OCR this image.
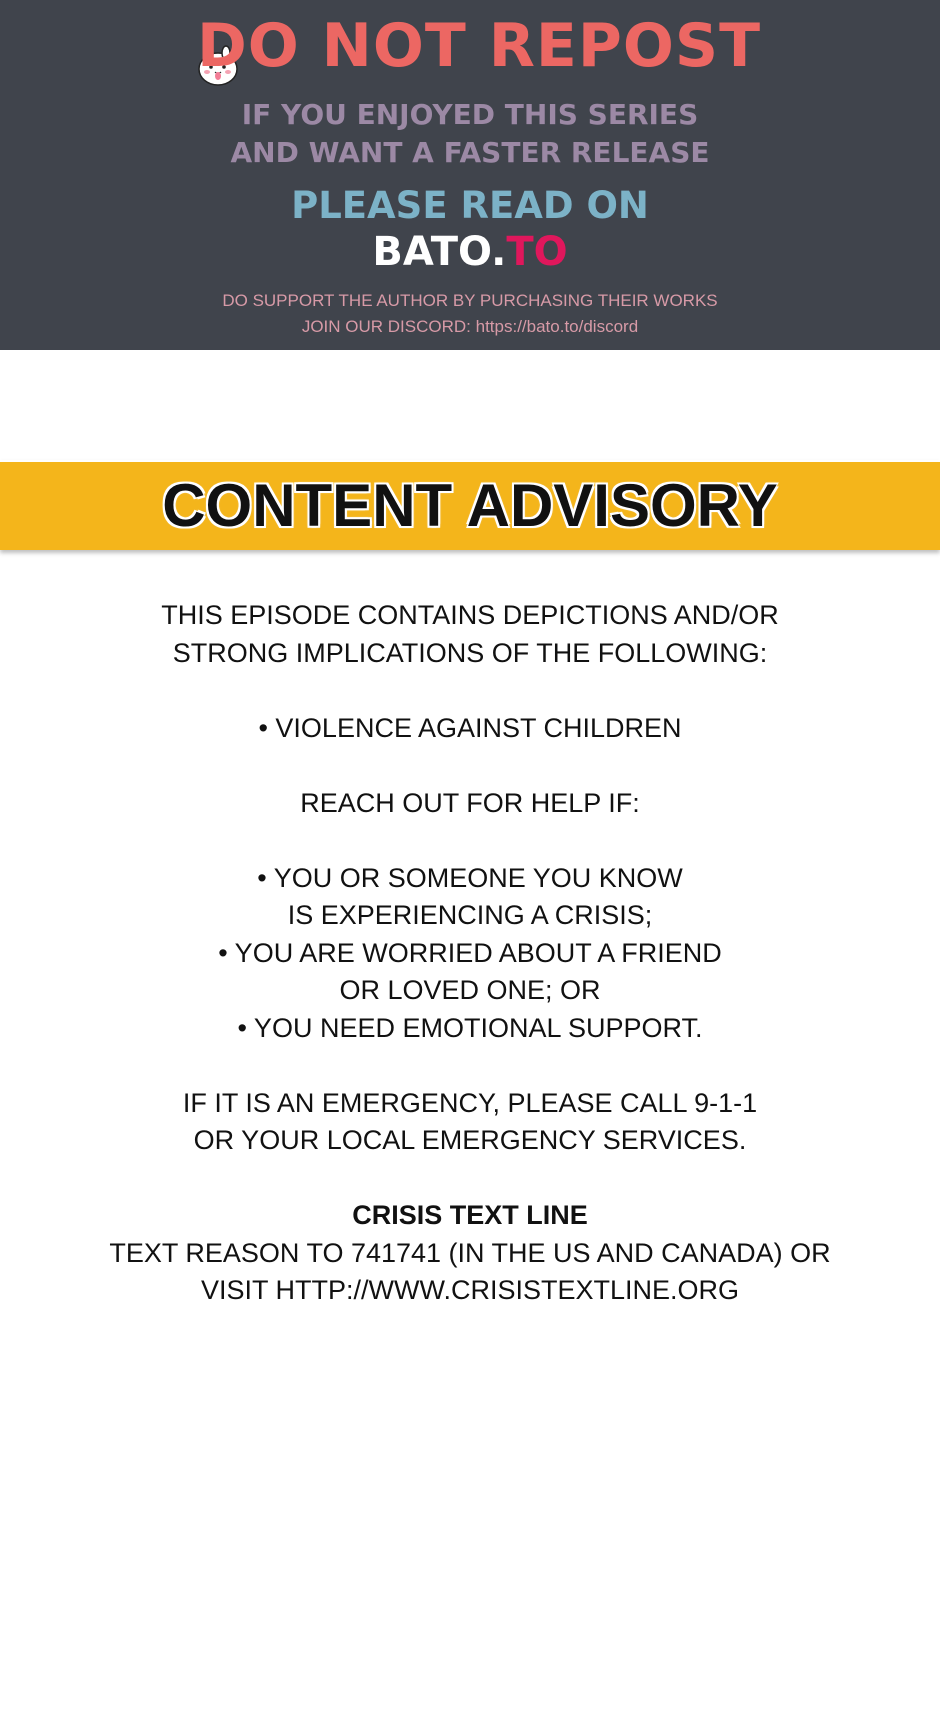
DO NOT REPOST
IF YOU ENJOYED THIS SERIES
AND WANT A FASTER RELEASE
PLEASE READ ON
BATO.TO
DO SUPPORT THE AUTHOR BY PURCHASING THEIR WORKS
JOIN OUR DISCORD: https://bato.to/discord
CONTENT ADVISORY

THIS EPISODE CONTAINS DEPICTIONS AND/OR

STRONG IMPLICATIONS OF THE FOLLOWING:

• VIOLENCE AGAINST CHILDREN

REACH OUT FOR HELP IF:

• YOU OR SOMEONE YOU KNOW

IS EXPERIENCING A CRISIS;

• YOU ARE WORRIED ABOUT A FRIEND

OR LOVED ONE; OR

• YOU NEED EMOTIONAL SUPPORT.

IF IT IS AN EMERGENCY, PLEASE CALL 9-1-1

OR YOUR LOCAL EMERGENCY SERVICES.

CRISIS TEXT LINE

TEXT REASON TO 741741 (IN THE US AND CANADA) OR

VISIT HTTP://WWW.CRISISTEXTLINE.ORG
